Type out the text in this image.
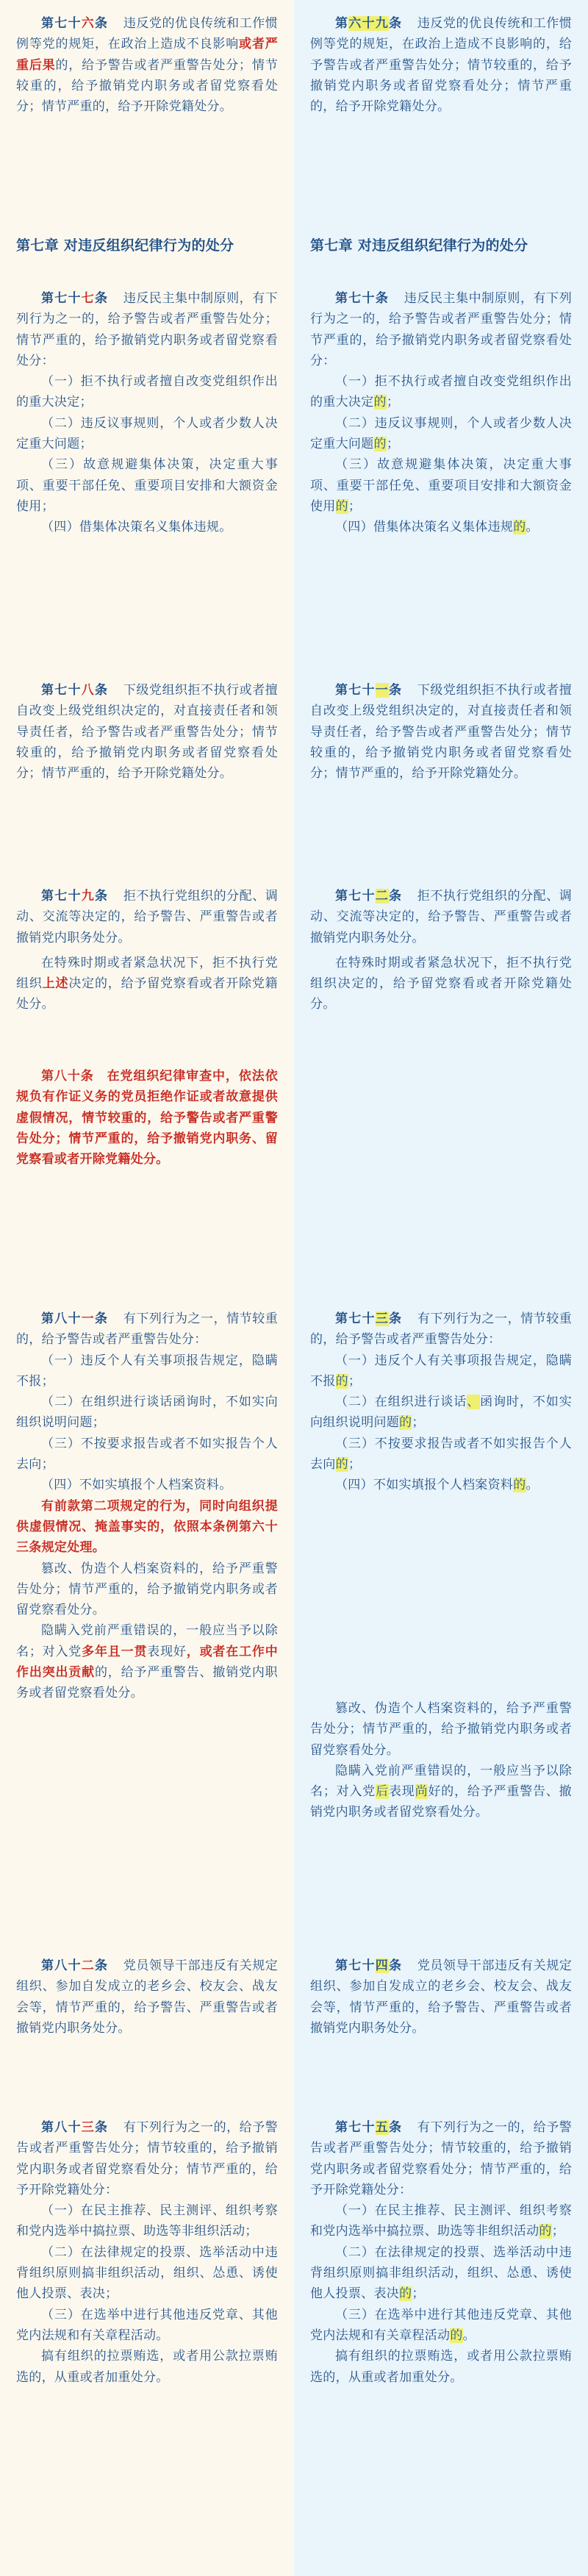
第七十六条 违反党的优良传统和工作惯例等党的规矩，在政治上造成不良影响或者严重后果的，给予警告或者严重警告处分；情节较重的，给予撤销党内职务或者留党察看处分；情节严重的，给予开除党籍处分。

第七章 对违反组织纪律行为的处分

第七十七条 违反民主集中制原则，有下列行为之一的，给予警告或者严重警告处分；情节严重的，给予撤销党内职务或者留党察看处分：

（一）拒不执行或者擅自改变党组织作出的重大决定；

（二）违反议事规则，个人或者少数人决定重大问题；

（三）故意规避集体决策，决定重大事项、重要干部任免、重要项目安排和大额资金使用；

（四）借集体决策名义集体违规。

第七十八条 下级党组织拒不执行或者擅自改变上级党组织决定的，对直接责任者和领导责任者，给予警告或者严重警告处分；情节较重的，给予撤销党内职务或者留党察看处分；情节严重的，给予开除党籍处分。

第七十九条 拒不执行党组织的分配、调动、交流等决定的，给予警告、严重警告或者撤销党内职务处分。

在特殊时期或者紧急状况下，拒不执行党组织上述决定的，给予留党察看或者开除党籍处分。

第八十条　在党组织纪律审查中，依法依规负有作证义务的党员拒绝作证或者故意提供虚假情况，情节较重的，给予警告或者严重警告处分；情节严重的，给予撤销党内职务、留党察看或者开除党籍处分。

第八十一条 有下列行为之一，情节较重的，给予警告或者严重警告处分：

（一）违反个人有关事项报告规定，隐瞒不报；

（二）在组织进行谈话函询时，不如实向组织说明问题；

（三）不按要求报告或者不如实报告个人去向；

（四）不如实填报个人档案资料。

有前款第二项规定的行为，同时向组织提供虚假情况、掩盖事实的，依照本条例第六十三条规定处理。

篡改、伪造个人档案资料的，给予严重警告处分；情节严重的，给予撤销党内职务或者留党察看处分。

隐瞒入党前严重错误的，一般应当予以除名；对入党多年且一贯表现好，或者在工作中作出突出贡献的，给予严重警告、撤销党内职务或者留党察看处分。

第八十二条 党员领导干部违反有关规定组织、参加自发成立的老乡会、校友会、战友会等，情节严重的，给予警告、严重警告或者撤销党内职务处分。

第八十三条 有下列行为之一的，给予警告或者严重警告处分；情节较重的，给予撤销党内职务或者留党察看处分；情节严重的，给予开除党籍处分：

（一）在民主推荐、民主测评、组织考察和党内选举中搞拉票、助选等非组织活动；

（二）在法律规定的投票、选举活动中违背组织原则搞非组织活动，组织、怂恿、诱使他人投票、表决；

（三）在选举中进行其他违反党章、其他党内法规和有关章程活动。

搞有组织的拉票贿选，或者用公款拉票贿选的，从重或者加重处分。

第六十九条 违反党的优良传统和工作惯例等党的规矩，在政治上造成不良影响的，给予警告或者严重警告处分；情节较重的，给予撤销党内职务或者留党察看处分；情节严重的，给予开除党籍处分。

第七章 对违反组织纪律行为的处分

第七十条 违反民主集中制原则，有下列行为之一的，给予警告或者严重警告处分；情节严重的，给予撤销党内职务或者留党察看处分：

（一）拒不执行或者擅自改变党组织作出的重大决定的；

（二）违反议事规则，个人或者少数人决定重大问题的；

（三）故意规避集体决策，决定重大事项、重要干部任免、重要项目安排和大额资金使用的；

（四）借集体决策名义集体违规的。

第七十一条 下级党组织拒不执行或者擅自改变上级党组织决定的，对直接责任者和领导责任者，给予警告或者严重警告处分；情节较重的，给予撤销党内职务或者留党察看处分；情节严重的，给予开除党籍处分。

第七十二条 拒不执行党组织的分配、调动、交流等决定的，给予警告、严重警告或者撤销党内职务处分。

在特殊时期或者紧急状况下，拒不执行党组织决定的，给予留党察看或者开除党籍处分。

第七十三条 有下列行为之一，情节较重的，给予警告或者严重警告处分：

（一）违反个人有关事项报告规定，隐瞒不报的；

（二）在组织进行谈话、函询时，不如实向组织说明问题的；

（三）不按要求报告或者不如实报告个人去向的；

（四）不如实填报个人档案资料的。

篡改、伪造个人档案资料的，给予严重警告处分；情节严重的，给予撤销党内职务或者留党察看处分。

隐瞒入党前严重错误的，一般应当予以除名；对入党后表现尚好的，给予严重警告、撤销党内职务或者留党察看处分。

第七十四条 党员领导干部违反有关规定组织、参加自发成立的老乡会、校友会、战友会等，情节严重的，给予警告、严重警告或者撤销党内职务处分。

第七十五条 有下列行为之一的，给予警告或者严重警告处分；情节较重的，给予撤销党内职务或者留党察看处分；情节严重的，给予开除党籍处分：

（一）在民主推荐、民主测评、组织考察和党内选举中搞拉票、助选等非组织活动的；

（二）在法律规定的投票、选举活动中违背组织原则搞非组织活动，组织、怂恿、诱使他人投票、表决的；

（三）在选举中进行其他违反党章、其他党内法规和有关章程活动的。

搞有组织的拉票贿选，或者用公款拉票贿选的，从重或者加重处分。
